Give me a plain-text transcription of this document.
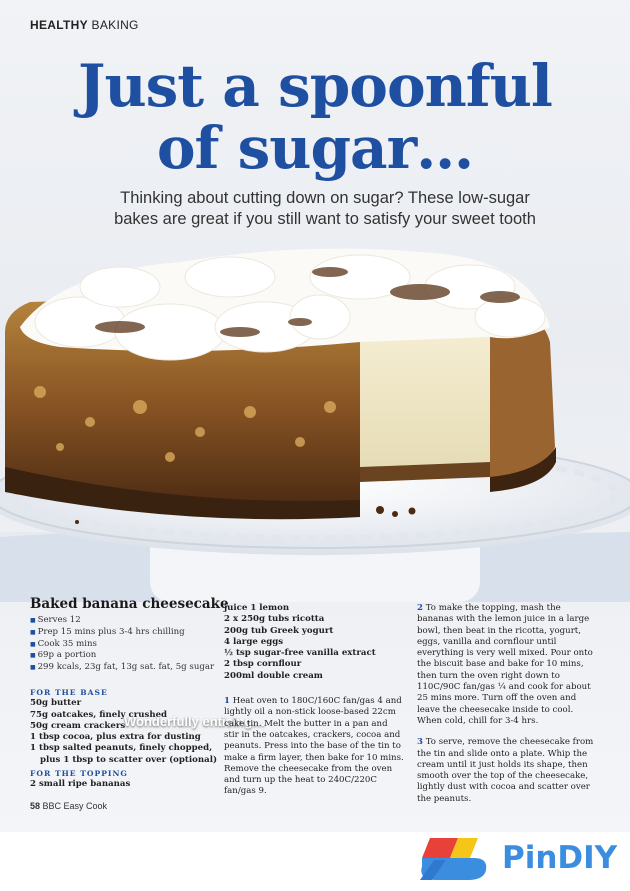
HEALTHY BAKING
Just a spoonful
of sugar…
Thinking about cutting down on sugar? These low-sugar
bakes are great if you still want to satisfy your sweet tooth
Wonderfully enticing…
Baked banana cheesecake
■ Serves 12
■ Prep 15 mins plus 3-4 hrs chilling
■ Cook 35 mins
■ 69p a portion
■ 299 kcals, 23g fat, 13g sat. fat, 5g sugar
FOR THE BASE
50g butter
75g oatcakes, finely crushed
50g cream crackers
1 tbsp cocoa, plus extra for dusting
1 tbsp salted peanuts, finely chopped,
plus 1 tbsp to scatter over (optional)
FOR THE TOPPING
2 small ripe bananas
juice 1 lemon
2 x 250g tubs ricotta
200g tub Greek yogurt
4 large eggs
½ tsp sugar-free vanilla extract
2 tbsp cornflour
200ml double cream

1 Heat oven to 180C/160C fan/gas 4 and lightly oil a non-stick loose-based 22cm cake tin. Melt the butter in a pan and stir in the oatcakes, crackers, cocoa and peanuts. Press into the base of the tin to make a firm layer, then bake for 10 mins. Remove the cheesecake from the oven and turn up the heat to 240C/220C fan/gas 9.

2 To make the topping, mash the bananas with the lemon juice in a large bowl, then beat in the ricotta, yogurt, eggs, vanilla and cornflour until everything is very well mixed. Pour onto the biscuit base and bake for 10 mins, then turn the oven right down to 110C/90C fan/gas ¼ and cook for about 25 mins more. Turn off the oven and leave the cheesecake inside to cool. When cold, chill for 3-4 hrs.

3 To serve, remove the cheesecake from the tin and slide onto a plate. Whip the cream until it just holds its shape, then smooth over the top of the cheesecake, lightly dust with cocoa and scatter over the peanuts.

58 BBC Easy Cook
PinDIY
